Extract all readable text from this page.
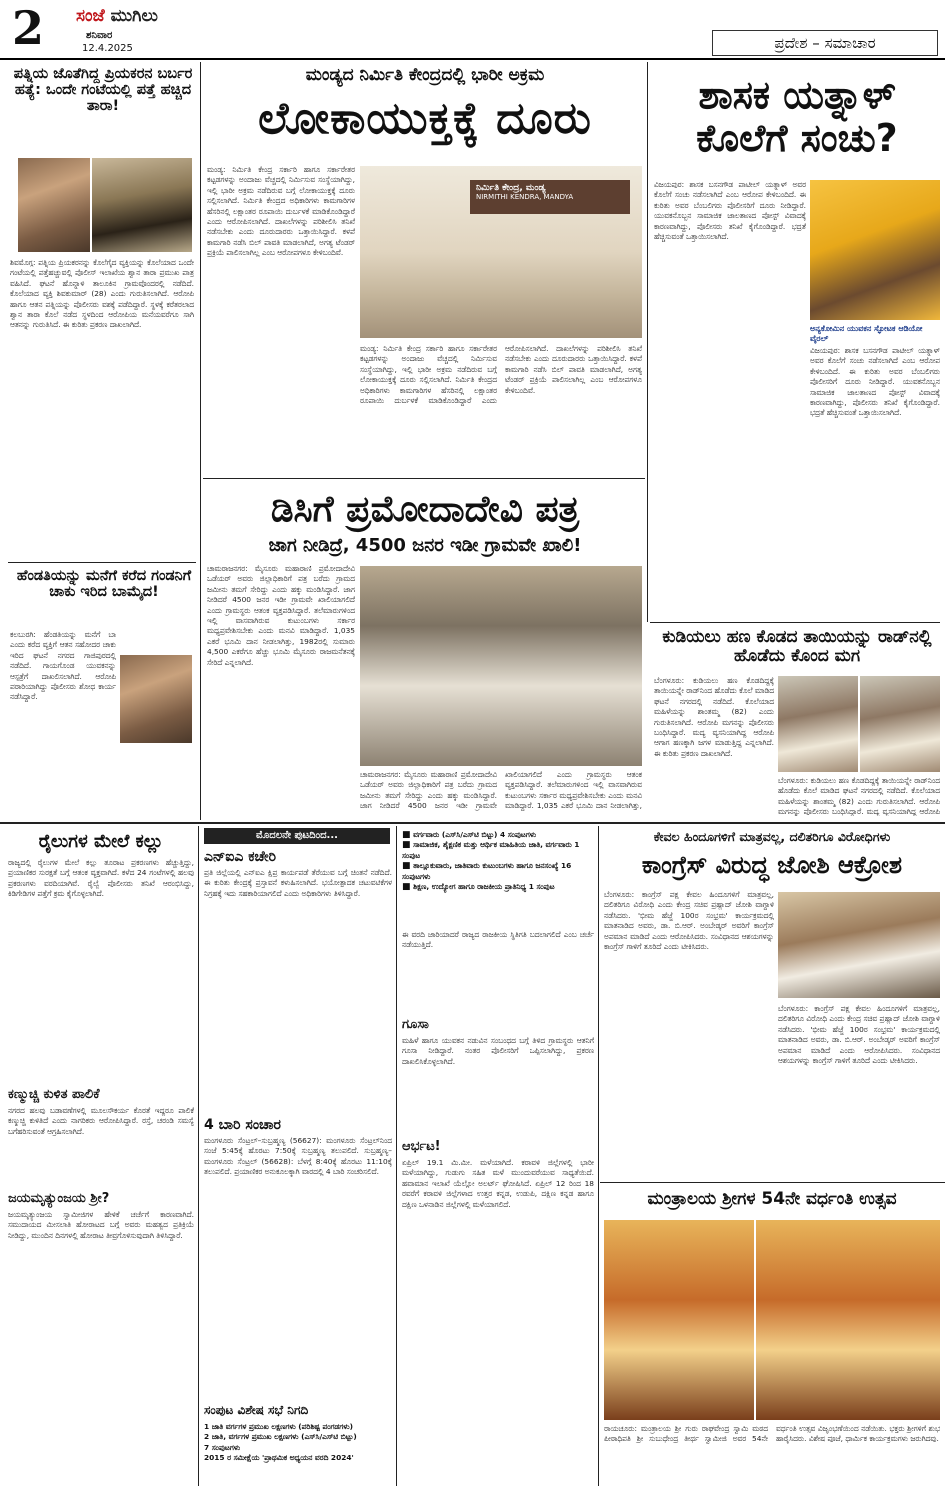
2 ಸಂಜೆ ಮುಗಿಲು
ಶನಿವಾರ
12.4.2025	ಪ್ರದೇಶ – ಸಮಾಚಾರ
ಪತ್ನಿಯ ಜೊತೆಗಿದ್ದ ಪ್ರಿಯಕರನ ಬರ್ಬರ ಹತ್ಯೆ: ಒಂದೇ ಗಂಟೆಯಲ್ಲಿ ಪತ್ತೆ ಹಚ್ಚಿದ ತಾರಾ!
ಶಿವಮೊಗ್ಗ: ಪತ್ನಿಯ ಪ್ರಿಯಕರನನ್ನು ಕೊಲೆಗೈದ ವ್ಯಕ್ತಿಯನ್ನು ಕೊಲೆಯಾದ ಒಂದೇ ಗಂಟೆಯಲ್ಲಿ ಪತ್ತೆಹಚ್ಚುವಲ್ಲಿ ಪೊಲೀಸ್ ಇಲಾಖೆಯ ಶ್ವಾನ ತಾರಾ ಪ್ರಮುಖ ಪಾತ್ರ ವಹಿಸಿದೆ. ಘಟನೆ ಹೊನ್ನಾಳಿ ತಾಲೂಕಿನ ಗ್ರಾಮವೊಂದರಲ್ಲಿ ನಡೆದಿದೆ. ಕೊಲೆಯಾದ ವ್ಯಕ್ತಿ ಶಿವಕುಮಾರ್ (28) ಎಂದು ಗುರುತಿಸಲಾಗಿದೆ. ಆರೋಪಿ ಹಾಗೂ ಆತನ ಪತ್ನಿಯನ್ನು ಪೊಲೀಸರು ವಶಕ್ಕೆ ಪಡೆದಿದ್ದಾರೆ. ಸ್ಥಳಕ್ಕೆ ಕರೆತರಲಾದ ಶ್ವಾನ ತಾರಾ ಕೊಲೆ ನಡೆದ ಸ್ಥಳದಿಂದ ಆರೋಪಿಯ ಮನೆಯವರೆಗೂ ಸಾಗಿ ಆತನನ್ನು ಗುರುತಿಸಿದೆ. ಈ ಕುರಿತು ಪ್ರಕರಣ ದಾಖಲಾಗಿದೆ.
ಹೆಂಡತಿಯನ್ನು ಮನೆಗೆ ಕರೆದ ಗಂಡನಿಗೆ ಚಾಕು ಇರಿದ ಬಾಮೈದ!
ಕಲಬುರಗಿ: ಹೆಂಡತಿಯನ್ನು ಮನೆಗೆ ಬಾ ಎಂದು ಕರೆದ ವ್ಯಕ್ತಿಗೆ ಆತನ ಸಹೋದರ ಚಾಕು ಇರಿದ ಘಟನೆ ನಗರದ ಗಾಜಿಪುರದಲ್ಲಿ ನಡೆದಿದೆ. ಗಾಯಗೊಂಡ ಯುವಕನನ್ನು ಆಸ್ಪತ್ರೆಗೆ ದಾಖಲಿಸಲಾಗಿದೆ. ಆರೋಪಿ ಪರಾರಿಯಾಗಿದ್ದು ಪೊಲೀಸರು ಶೋಧ ಕಾರ್ಯ ನಡೆಸಿದ್ದಾರೆ.
ಮಂಡ್ಯದ ನಿರ್ಮಿತಿ ಕೇಂದ್ರದಲ್ಲಿ ಭಾರೀ ಅಕ್ರಮ
ಲೋಕಾಯುಕ್ತಕ್ಕೆ ದೂರು
ಮಂಡ್ಯ: ನಿರ್ಮಿತಿ ಕೇಂದ್ರ ಸರ್ಕಾರಿ ಹಾಗೂ ಸರ್ಕಾರೇತರ ಕಟ್ಟಡಗಳನ್ನು ಅಂದಾಜು ವೆಚ್ಚದಲ್ಲಿ ನಿರ್ಮಿಸುವ ಸಂಸ್ಥೆಯಾಗಿದ್ದು, ಇಲ್ಲಿ ಭಾರೀ ಅಕ್ರಮ ನಡೆದಿರುವ ಬಗ್ಗೆ ಲೋಕಾಯುಕ್ತಕ್ಕೆ ದೂರು ಸಲ್ಲಿಸಲಾಗಿದೆ. ನಿರ್ಮಿತಿ ಕೇಂದ್ರದ ಅಧಿಕಾರಿಗಳು ಕಾಮಗಾರಿಗಳ ಹೆಸರಿನಲ್ಲಿ ಲಕ್ಷಾಂತರ ರೂಪಾಯಿ ದುರ್ಬಳಕೆ ಮಾಡಿಕೊಂಡಿದ್ದಾರೆ ಎಂದು ಆರೋಪಿಸಲಾಗಿದೆ. ದಾಖಲೆಗಳನ್ನು ಪರಿಶೀಲಿಸಿ ತನಿಖೆ ನಡೆಸಬೇಕು ಎಂದು ದೂರುದಾರರು ಒತ್ತಾಯಿಸಿದ್ದಾರೆ. ಕಳಪೆ ಕಾಮಗಾರಿ ನಡೆಸಿ ಬಿಲ್ ಪಾವತಿ ಮಾಡಲಾಗಿದೆ, ಅಗತ್ಯ ಟೆಂಡರ್ ಪ್ರಕ್ರಿಯೆ ಪಾಲಿಸಲಾಗಿಲ್ಲ ಎಂಬ ಆರೋಪಗಳೂ ಕೇಳಿಬಂದಿವೆ.
ನಿರ್ಮಿತಿ ಕೇಂದ್ರ, ಮಂಡ್ಯ
NIRMITHI KENDRA, MANDYA
ಮಂಡ್ಯ: ನಿರ್ಮಿತಿ ಕೇಂದ್ರ ಸರ್ಕಾರಿ ಹಾಗೂ ಸರ್ಕಾರೇತರ ಕಟ್ಟಡಗಳನ್ನು ಅಂದಾಜು ವೆಚ್ಚದಲ್ಲಿ ನಿರ್ಮಿಸುವ ಸಂಸ್ಥೆಯಾಗಿದ್ದು, ಇಲ್ಲಿ ಭಾರೀ ಅಕ್ರಮ ನಡೆದಿರುವ ಬಗ್ಗೆ ಲೋಕಾಯುಕ್ತಕ್ಕೆ ದೂರು ಸಲ್ಲಿಸಲಾಗಿದೆ. ನಿರ್ಮಿತಿ ಕೇಂದ್ರದ ಅಧಿಕಾರಿಗಳು ಕಾಮಗಾರಿಗಳ ಹೆಸರಿನಲ್ಲಿ ಲಕ್ಷಾಂತರ ರೂಪಾಯಿ ದುರ್ಬಳಕೆ ಮಾಡಿಕೊಂಡಿದ್ದಾರೆ ಎಂದು ಆರೋಪಿಸಲಾಗಿದೆ. ದಾಖಲೆಗಳನ್ನು ಪರಿಶೀಲಿಸಿ ತನಿಖೆ ನಡೆಸಬೇಕು ಎಂದು ದೂರುದಾರರು ಒತ್ತಾಯಿಸಿದ್ದಾರೆ. ಕಳಪೆ ಕಾಮಗಾರಿ ನಡೆಸಿ ಬಿಲ್ ಪಾವತಿ ಮಾಡಲಾಗಿದೆ, ಅಗತ್ಯ ಟೆಂಡರ್ ಪ್ರಕ್ರಿಯೆ ಪಾಲಿಸಲಾಗಿಲ್ಲ ಎಂಬ ಆರೋಪಗಳೂ ಕೇಳಿಬಂದಿವೆ.
ಶಾಸಕ ಯತ್ನಾಳ್ ಕೊಲೆಗೆ ಸಂಚು?
ವಿಜಯಪುರ: ಶಾಸಕ ಬಸನಗೌಡ ಪಾಟೀಲ್ ಯತ್ನಾಳ್ ಅವರ ಕೊಲೆಗೆ ಸಂಚು ನಡೆಸಲಾಗಿದೆ ಎಂಬ ಆರೋಪ ಕೇಳಿಬಂದಿದೆ. ಈ ಕುರಿತು ಅವರ ಬೆಂಬಲಿಗರು ಪೊಲೀಸರಿಗೆ ದೂರು ನೀಡಿದ್ದಾರೆ. ಯುವಕನೊಬ್ಬನ ಸಾಮಾಜಿಕ ಜಾಲತಾಣದ ಪೋಸ್ಟ್ ವಿವಾದಕ್ಕೆ ಕಾರಣವಾಗಿದ್ದು, ಪೊಲೀಸರು ತನಿಖೆ ಕೈಗೊಂಡಿದ್ದಾರೆ. ಭದ್ರತೆ ಹೆಚ್ಚಿಸುವಂತೆ ಒತ್ತಾಯಿಸಲಾಗಿದೆ.
ಅನ್ಯಕೋಮಿನ ಯುವಕನ ಸ್ಫೋಟಕ ಆಡಿಯೋ ವೈರಲ್
ವಿಜಯಪುರ: ಶಾಸಕ ಬಸನಗೌಡ ಪಾಟೀಲ್ ಯತ್ನಾಳ್ ಅವರ ಕೊಲೆಗೆ ಸಂಚು ನಡೆಸಲಾಗಿದೆ ಎಂಬ ಆರೋಪ ಕೇಳಿಬಂದಿದೆ. ಈ ಕುರಿತು ಅವರ ಬೆಂಬಲಿಗರು ಪೊಲೀಸರಿಗೆ ದೂರು ನೀಡಿದ್ದಾರೆ. ಯುವಕನೊಬ್ಬನ ಸಾಮಾಜಿಕ ಜಾಲತಾಣದ ಪೋಸ್ಟ್ ವಿವಾದಕ್ಕೆ ಕಾರಣವಾಗಿದ್ದು, ಪೊಲೀಸರು ತನಿಖೆ ಕೈಗೊಂಡಿದ್ದಾರೆ. ಭದ್ರತೆ ಹೆಚ್ಚಿಸುವಂತೆ ಒತ್ತಾಯಿಸಲಾಗಿದೆ.
ಡಿಸಿಗೆ ಪ್ರಮೋದಾದೇವಿ ಪತ್ರ
ಜಾಗ ನೀಡಿದ್ರೆ, 4500 ಜನರ ಇಡೀ ಗ್ರಾಮವೇ ಖಾಲಿ!
ಚಾಮರಾಜನಗರ: ಮೈಸೂರು ಮಹಾರಾಣಿ ಪ್ರಮೋದಾದೇವಿ ಒಡೆಯರ್ ಅವರು ಜಿಲ್ಲಾಧಿಕಾರಿಗೆ ಪತ್ರ ಬರೆದು ಗ್ರಾಮದ ಜಮೀನು ತಮಗೆ ಸೇರಿದ್ದು ಎಂದು ಹಕ್ಕು ಮಂಡಿಸಿದ್ದಾರೆ. ಜಾಗ ನೀಡಿದರೆ 4500 ಜನರ ಇಡೀ ಗ್ರಾಮವೇ ಖಾಲಿಯಾಗಲಿದೆ ಎಂದು ಗ್ರಾಮಸ್ಥರು ಆತಂಕ ವ್ಯಕ್ತಪಡಿಸಿದ್ದಾರೆ. ತಲೆಮಾರುಗಳಿಂದ ಇಲ್ಲಿ ವಾಸವಾಗಿರುವ ಕುಟುಂಬಗಳು ಸರ್ಕಾರ ಮಧ್ಯಪ್ರವೇಶಿಸಬೇಕು ಎಂದು ಮನವಿ ಮಾಡಿದ್ದಾರೆ. 1,035 ಎಕರೆ ಭೂಮಿ ದಾನ ನೀಡಲಾಗಿತ್ತು, 1982ರಲ್ಲಿ ಸುಮಾರು 4,500 ಎಕರೆಗೂ ಹೆಚ್ಚು ಭೂಮಿ ಮೈಸೂರು ರಾಜಮನೆತನಕ್ಕೆ ಸೇರಿದೆ ಎನ್ನಲಾಗಿದೆ.
ಚಾಮರಾಜನಗರ: ಮೈಸೂರು ಮಹಾರಾಣಿ ಪ್ರಮೋದಾದೇವಿ ಒಡೆಯರ್ ಅವರು ಜಿಲ್ಲಾಧಿಕಾರಿಗೆ ಪತ್ರ ಬರೆದು ಗ್ರಾಮದ ಜಮೀನು ತಮಗೆ ಸೇರಿದ್ದು ಎಂದು ಹಕ್ಕು ಮಂಡಿಸಿದ್ದಾರೆ. ಜಾಗ ನೀಡಿದರೆ 4500 ಜನರ ಇಡೀ ಗ್ರಾಮವೇ ಖಾಲಿಯಾಗಲಿದೆ ಎಂದು ಗ್ರಾಮಸ್ಥರು ಆತಂಕ ವ್ಯಕ್ತಪಡಿಸಿದ್ದಾರೆ. ತಲೆಮಾರುಗಳಿಂದ ಇಲ್ಲಿ ವಾಸವಾಗಿರುವ ಕುಟುಂಬಗಳು ಸರ್ಕಾರ ಮಧ್ಯಪ್ರವೇಶಿಸಬೇಕು ಎಂದು ಮನವಿ ಮಾಡಿದ್ದಾರೆ. 1,035 ಎಕರೆ ಭೂಮಿ ದಾನ ನೀಡಲಾಗಿತ್ತು,
ಕುಡಿಯಲು ಹಣ ಕೊಡದ ತಾಯಿಯನ್ನು ರಾಡ್‌ನಲ್ಲಿ ಹೊಡೆದು ಕೊಂದ ಮಗ
ಬೆಂಗಳೂರು: ಕುಡಿಯಲು ಹಣ ಕೊಡದಿದ್ದಕ್ಕೆ ತಾಯಿಯನ್ನೇ ರಾಡ್‌ನಿಂದ ಹೊಡೆದು ಕೊಲೆ ಮಾಡಿದ ಘಟನೆ ನಗರದಲ್ಲಿ ನಡೆದಿದೆ. ಕೊಲೆಯಾದ ಮಹಿಳೆಯನ್ನು ಶಾಂತಮ್ಮ (82) ಎಂದು ಗುರುತಿಸಲಾಗಿದೆ. ಆರೋಪಿ ಮಗನನ್ನು ಪೊಲೀಸರು ಬಂಧಿಸಿದ್ದಾರೆ. ಮದ್ಯ ವ್ಯಸನಿಯಾಗಿದ್ದ ಆರೋಪಿ ಆಗಾಗ ಹಣಕ್ಕಾಗಿ ಜಗಳ ಮಾಡುತ್ತಿದ್ದ ಎನ್ನಲಾಗಿದೆ. ಈ ಕುರಿತು ಪ್ರಕರಣ ದಾಖಲಾಗಿದೆ.
ಬೆಂಗಳೂರು: ಕುಡಿಯಲು ಹಣ ಕೊಡದಿದ್ದಕ್ಕೆ ತಾಯಿಯನ್ನೇ ರಾಡ್‌ನಿಂದ ಹೊಡೆದು ಕೊಲೆ ಮಾಡಿದ ಘಟನೆ ನಗರದಲ್ಲಿ ನಡೆದಿದೆ. ಕೊಲೆಯಾದ ಮಹಿಳೆಯನ್ನು ಶಾಂತಮ್ಮ (82) ಎಂದು ಗುರುತಿಸಲಾಗಿದೆ. ಆರೋಪಿ ಮಗನನ್ನು ಪೊಲೀಸರು ಬಂಧಿಸಿದ್ದಾರೆ. ಮದ್ಯ ವ್ಯಸನಿಯಾಗಿದ್ದ ಆರೋಪಿ
ರೈಲುಗಳ ಮೇಲೆ ಕಲ್ಲು
ರಾಜ್ಯದಲ್ಲಿ ರೈಲುಗಳ ಮೇಲೆ ಕಲ್ಲು ತೂರಾಟ ಪ್ರಕರಣಗಳು ಹೆಚ್ಚುತ್ತಿದ್ದು, ಪ್ರಯಾಣಿಕರ ಸುರಕ್ಷತೆ ಬಗ್ಗೆ ಆತಂಕ ವ್ಯಕ್ತವಾಗಿದೆ. ಕಳೆದ 24 ಗಂಟೆಗಳಲ್ಲಿ ಹಲವು ಪ್ರಕರಣಗಳು ವರದಿಯಾಗಿವೆ. ರೈಲ್ವೆ ಪೊಲೀಸರು ತನಿಖೆ ಆರಂಭಿಸಿದ್ದು, ಕಿಡಿಗೇಡಿಗಳ ಪತ್ತೆಗೆ ಕ್ರಮ ಕೈಗೊಳ್ಳಲಾಗಿದೆ.
ಕಣ್ಮುಚ್ಚಿ ಕುಳಿತ ಪಾಲಿಕೆ
ನಗರದ ಹಲವು ಬಡಾವಣೆಗಳಲ್ಲಿ ಮೂಲಸೌಕರ್ಯ ಕೊರತೆ ಇದ್ದರೂ ಪಾಲಿಕೆ ಕಣ್ಮುಚ್ಚಿ ಕುಳಿತಿದೆ ಎಂದು ನಾಗರಿಕರು ಆರೋಪಿಸಿದ್ದಾರೆ. ರಸ್ತೆ, ಚರಂಡಿ ಸಮಸ್ಯೆ ಬಗೆಹರಿಸುವಂತೆ ಆಗ್ರಹಿಸಲಾಗಿದೆ.
ಜಯಮೃತ್ಯುಂಜಯ ಶ್ರೀ?
ಜಯಮೃತ್ಯುಂಜಯ ಸ್ವಾಮೀಜಿಗಳ ಹೇಳಿಕೆ ಚರ್ಚೆಗೆ ಕಾರಣವಾಗಿದೆ. ಸಮುದಾಯದ ಮೀಸಲಾತಿ ಹೋರಾಟದ ಬಗ್ಗೆ ಅವರು ಮಹತ್ವದ ಪ್ರತಿಕ್ರಿಯೆ ನೀಡಿದ್ದು, ಮುಂದಿನ ದಿನಗಳಲ್ಲಿ ಹೋರಾಟ ತೀವ್ರಗೊಳಿಸುವುದಾಗಿ ತಿಳಿಸಿದ್ದಾರೆ.
ಮೊದಲನೇ ಪುಟದಿಂದ...
ಎನ್‌ಐಎ ಕಚೇರಿ
ಪ್ರತಿ ಜಿಲ್ಲೆಯಲ್ಲಿ ಎನ್‌ಐಎ ಕ್ಷಿಪ್ರ ಕಾರ್ಯಪಡೆ ತೆರೆಯುವ ಬಗ್ಗೆ ಚಿಂತನೆ ನಡೆದಿದೆ. ಈ ಕುರಿತು ಕೇಂದ್ರಕ್ಕೆ ಪ್ರಸ್ತಾವನೆ ಕಳುಹಿಸಲಾಗಿದೆ. ಭಯೋತ್ಪಾದಕ ಚಟುವಟಿಕೆಗಳ ನಿಗ್ರಹಕ್ಕೆ ಇದು ಸಹಕಾರಿಯಾಗಲಿದೆ ಎಂದು ಅಧಿಕಾರಿಗಳು ತಿಳಿಸಿದ್ದಾರೆ.
4 ಬಾರಿ ಸಂಚಾರ
ಮಂಗಳೂರು ಸೆಂಟ್ರಲ್–ಸುಬ್ರಹ್ಮಣ್ಯ (56627): ಮಂಗಳೂರು ಸೆಂಟ್ರಲ್‌ನಿಂದ ಸಂಜೆ 5:45ಕ್ಕೆ ಹೊರಟು 7:50ಕ್ಕೆ ಸುಬ್ರಹ್ಮಣ್ಯ ತಲುಪಲಿದೆ. ಸುಬ್ರಹ್ಮಣ್ಯ–ಮಂಗಳೂರು ಸೆಂಟ್ರಲ್ (56628): ಬೆಳಗ್ಗೆ 8:40ಕ್ಕೆ ಹೊರಟು 11:10ಕ್ಕೆ ತಲುಪಲಿದೆ. ಪ್ರಯಾಣಿಕರ ಅನುಕೂಲಕ್ಕಾಗಿ ವಾರದಲ್ಲಿ 4 ಬಾರಿ ಸಂಚರಿಸಲಿದೆ.
ಸಂಪುಟ ವಿಶೇಷ ಸಭೆ ನಿಗದಿ
1 ಜಾತಿ ವರ್ಗಗಳ ಪ್ರಮುಖ ಲಕ್ಷಣಗಳು (ಪರಿಶಿಷ್ಟ ಪಂಗಡಗಳು)
2 ಜಾತಿ, ವರ್ಗಗಳ ಪ್ರಮುಖ ಲಕ್ಷಣಗಳು (ಎಸ್‌ಸಿ/ಎಸ್‌ಟಿ ಬಿಟ್ಟು)
7 ಸಂಪುಟಗಳು
2015 ರ ಸಮೀಕ್ಷೆಯ 'ಪ್ರಾಥಮಿಕ ಅಧ್ಯಯನ ವರದಿ 2024'
■ ವರ್ಗವಾರು (ಎಸ್‌ಸಿ/ಎಸ್‌ಟಿ ಬಿಟ್ಟು) 4 ಸಂಪುಟಗಳು
■ ಸಾಮಾಜಿಕ, ಶೈಕ್ಷಣಿಕ ಮತ್ತು ಆರ್ಥಿಕ ಮಾಹಿತಿಯ ಜಾತಿ, ವರ್ಗವಾರು 1 ಸಂಪುಟ
■ ತಾಲ್ಲೂಕುವಾರು, ಜಾತಿವಾರು ಕುಟುಂಬಗಳು ಹಾಗೂ ಜನಸಂಖ್ಯೆ 16 ಸಂಪುಟಗಳು
■ ಶಿಕ್ಷಣ, ಉದ್ಯೋಗ ಹಾಗೂ ರಾಜಕೀಯ ಪ್ರಾತಿನಿಧ್ಯ 1 ಸಂಪುಟ
ಈ ವರದಿ ಜಾರಿಯಾದರೆ ರಾಜ್ಯದ ರಾಜಕೀಯ ಸ್ಥಿತಿಗತಿ ಬದಲಾಗಲಿದೆ ಎಂಬ ಚರ್ಚೆ ನಡೆಯುತ್ತಿದೆ.
ಗೂಸಾ
ಮಹಿಳೆ ಹಾಗೂ ಯುವಕನ ನಡುವಿನ ಸಂಬಂಧದ ಬಗ್ಗೆ ತಿಳಿದ ಗ್ರಾಮಸ್ಥರು ಆತನಿಗೆ ಗೂಸಾ ನೀಡಿದ್ದಾರೆ. ನಂತರ ಪೊಲೀಸರಿಗೆ ಒಪ್ಪಿಸಲಾಗಿದ್ದು, ಪ್ರಕರಣ ದಾಖಲಿಸಿಕೊಳ್ಳಲಾಗಿದೆ.
ಆರ್ಭಟ!
ಏಪ್ರಿಲ್ 19.1 ಮಿ.ಮೀ. ಮಳೆಯಾಗಿದೆ. ಕರಾವಳಿ ಜಿಲ್ಲೆಗಳಲ್ಲಿ ಭಾರೀ ಮಳೆಯಾಗಿದ್ದು, ಗುಡುಗು ಸಹಿತ ಮಳೆ ಮುಂದುವರೆಯುವ ಸಾಧ್ಯತೆಯಿದೆ. ಹವಾಮಾನ ಇಲಾಖೆ ಯೆಲ್ಲೋ ಅಲರ್ಟ್ ಘೋಷಿಸಿದೆ. ಏಪ್ರಿಲ್ 12 ರಿಂದ 18 ರವರೆಗೆ ಕರಾವಳಿ ಜಿಲ್ಲೆಗಳಾದ ಉತ್ತರ ಕನ್ನಡ, ಉಡುಪಿ, ದಕ್ಷಿಣ ಕನ್ನಡ ಹಾಗೂ ದಕ್ಷಿಣ ಒಳನಾಡಿನ ಜಿಲ್ಲೆಗಳಲ್ಲಿ ಮಳೆಯಾಗಲಿದೆ.
ಕೇವಲ ಹಿಂದೂಗಳಿಗೆ ಮಾತ್ರವಲ್ಲ, ದಲಿತರಿಗೂ ವಿರೋಧಿಗಳು
ಕಾಂಗ್ರೆಸ್ ವಿರುದ್ಧ ಜೋಶಿ ಆಕ್ರೋಶ
ಬೆಂಗಳೂರು: ಕಾಂಗ್ರೆಸ್ ಪಕ್ಷ ಕೇವಲ ಹಿಂದೂಗಳಿಗೆ ಮಾತ್ರವಲ್ಲ, ದಲಿತರಿಗೂ ವಿರೋಧಿ ಎಂದು ಕೇಂದ್ರ ಸಚಿವ ಪ್ರಹ್ಲಾದ್ ಜೋಶಿ ವಾಗ್ದಾಳಿ ನಡೆಸಿದರು. 'ಭೀಮ ಹೆಜ್ಜೆ 100ರ ಸಂಭ್ರಮ' ಕಾರ್ಯಕ್ರಮದಲ್ಲಿ ಮಾತನಾಡಿದ ಅವರು, ಡಾ. ಬಿ.ಆರ್. ಅಂಬೇಡ್ಕರ್ ಅವರಿಗೆ ಕಾಂಗ್ರೆಸ್ ಅಪಮಾನ ಮಾಡಿದೆ ಎಂದು ಆರೋಪಿಸಿದರು. ಸಂವಿಧಾನದ ಆಶಯಗಳನ್ನು ಕಾಂಗ್ರೆಸ್ ಗಾಳಿಗೆ ತೂರಿದೆ ಎಂದು ಟೀಕಿಸಿದರು.
ಬೆಂಗಳೂರು: ಕಾಂಗ್ರೆಸ್ ಪಕ್ಷ ಕೇವಲ ಹಿಂದೂಗಳಿಗೆ ಮಾತ್ರವಲ್ಲ, ದಲಿತರಿಗೂ ವಿರೋಧಿ ಎಂದು ಕೇಂದ್ರ ಸಚಿವ ಪ್ರಹ್ಲಾದ್ ಜೋಶಿ ವಾಗ್ದಾಳಿ ನಡೆಸಿದರು. 'ಭೀಮ ಹೆಜ್ಜೆ 100ರ ಸಂಭ್ರಮ' ಕಾರ್ಯಕ್ರಮದಲ್ಲಿ ಮಾತನಾಡಿದ ಅವರು, ಡಾ. ಬಿ.ಆರ್. ಅಂಬೇಡ್ಕರ್ ಅವರಿಗೆ ಕಾಂಗ್ರೆಸ್ ಅಪಮಾನ ಮಾಡಿದೆ ಎಂದು ಆರೋಪಿಸಿದರು. ಸಂವಿಧಾನದ ಆಶಯಗಳನ್ನು ಕಾಂಗ್ರೆಸ್ ಗಾಳಿಗೆ ತೂರಿದೆ ಎಂದು ಟೀಕಿಸಿದರು.
ಮಂತ್ರಾಲಯ ಶ್ರೀಗಳ 54ನೇ ವರ್ಧಂತಿ ಉತ್ಸವ
ರಾಯಚೂರು: ಮಂತ್ರಾಲಯ ಶ್ರೀ ಗುರು ರಾಘವೇಂದ್ರ ಸ್ವಾಮಿ ಮಠದ ಪೀಠಾಧಿಪತಿ ಶ್ರೀ ಸುಬುಧೇಂದ್ರ ತೀರ್ಥ ಸ್ವಾಮೀಜಿ ಅವರ 54ನೇ ವರ್ಧಂತಿ ಉತ್ಸವ ವಿಜೃಂಭಣೆಯಿಂದ ನಡೆಯಿತು. ಭಕ್ತರು ಶ್ರೀಗಳಿಗೆ ಶುಭ ಹಾರೈಸಿದರು. ವಿಶೇಷ ಪೂಜೆ, ಧಾರ್ಮಿಕ ಕಾರ್ಯಕ್ರಮಗಳು ಜರುಗಿದವು.
